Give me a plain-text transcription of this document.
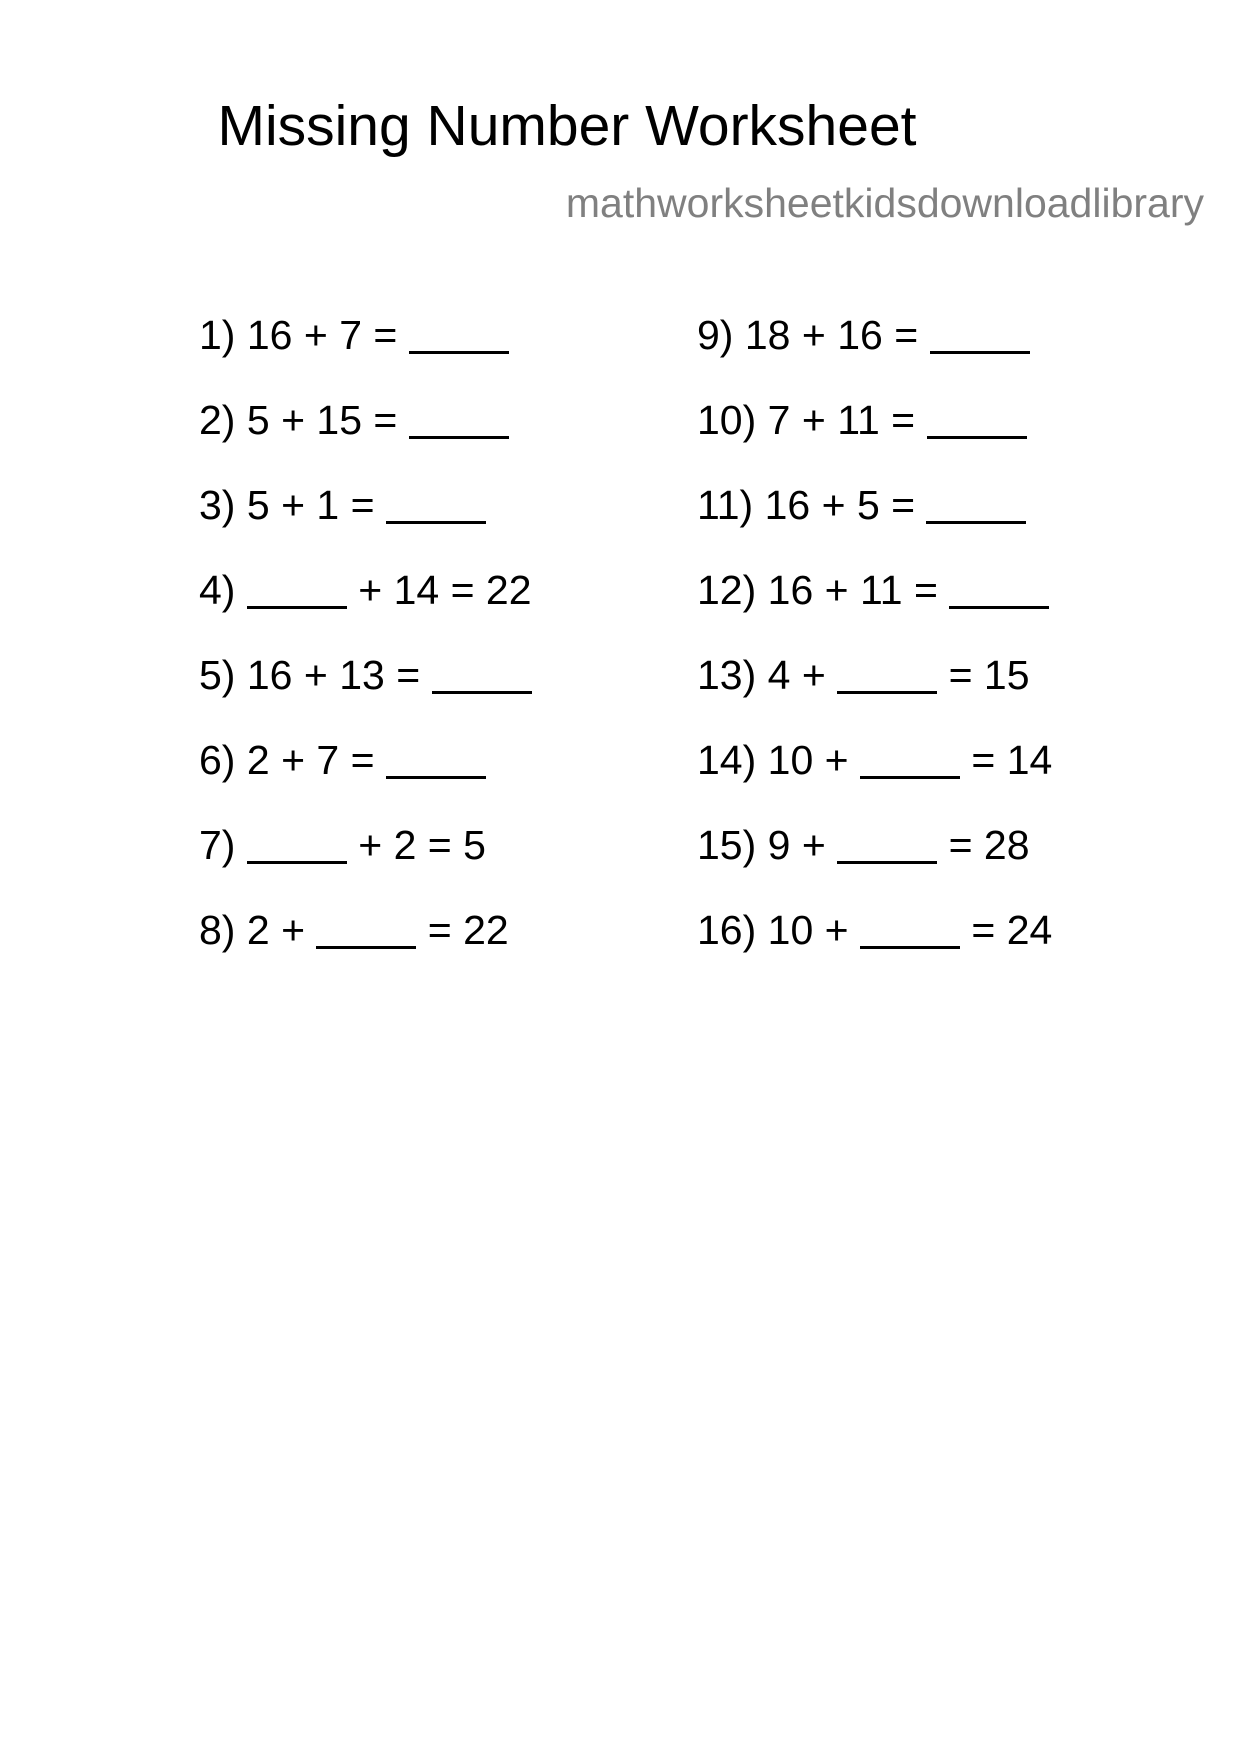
Missing Number Worksheet
mathworksheetkidsdownloadlibrary
1) 16 + 7 =
2) 5 + 15 =
3) 5 + 1 =
4)	+ 14 = 22
5) 16 + 13 =
6) 2 + 7 =
7)	+ 2 = 5
8) 2 +  = 22
9) 18 + 16 =
10) 7 + 11 =
11) 16 + 5 =
12) 16 + 11 =
13) 4 +  = 15
14) 10 +  = 14
15) 9 +  = 28
16) 10 +  = 24
